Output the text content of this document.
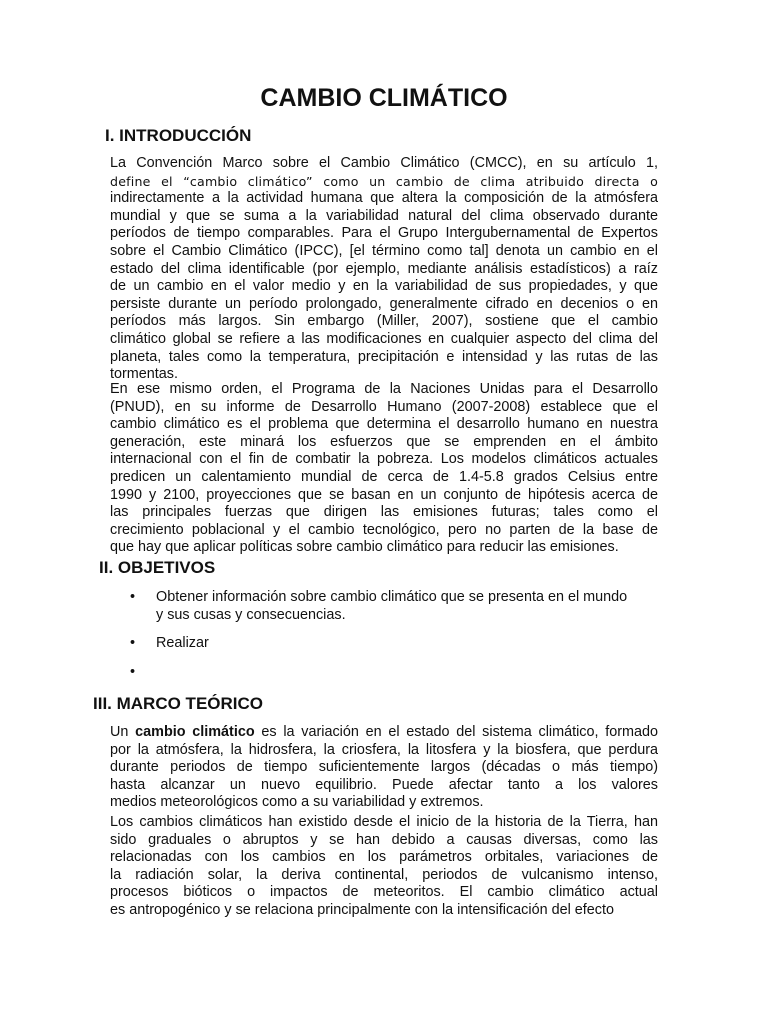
CAMBIO CLIMÁTICO
I. INTRODUCCIÓN
La Convención Marco sobre el Cambio Climático (CMCC), en su artículo 1,
define el “cambio climático” como un cambio de clima atribuido directa o
indirectamente a la actividad humana que altera la composición de la atmósfera
mundial y que se suma a la variabilidad natural del clima observado durante
períodos de tiempo comparables. Para el Grupo Intergubernamental de Expertos
sobre el Cambio Climático (IPCC), [el término como tal] denota un cambio en el
estado del clima identificable (por ejemplo, mediante análisis estadísticos) a raíz
de un cambio en el valor medio y en la variabilidad de sus propiedades, y que
persiste durante un período prolongado, generalmente cifrado en decenios o en
períodos más largos. Sin embargo (Miller, 2007), sostiene que el cambio
climático global se refiere a las modificaciones en cualquier aspecto del clima del
planeta, tales como la temperatura, precipitación e intensidad y las rutas de las
tormentas.
En ese mismo orden, el Programa de la Naciones Unidas para el Desarrollo
(PNUD), en su informe de Desarrollo Humano (2007-2008) establece que el
cambio climático es el problema que determina el desarrollo humano en nuestra
generación, este minará los esfuerzos que se emprenden en el ámbito
internacional con el fin de combatir la pobreza. Los modelos climáticos actuales
predicen un calentamiento mundial de cerca de 1.4-5.8 grados Celsius entre
1990 y 2100, proyecciones que se basan en un conjunto de hipótesis acerca de
las principales fuerzas que dirigen las emisiones futuras; tales como el
crecimiento poblacional y el cambio tecnológico, pero no parten de la base de
que hay que aplicar políticas sobre cambio climático para reducir las emisiones.
II. OBJETIVOS
• Obtener información sobre cambio climático que se presenta en el mundo
y sus cusas y consecuencias.
• Realizar
•

III. MARCO TEÓRICO
Un cambio climático es la variación en el estado del sistema climático, formado
por la atmósfera, la hidrosfera, la criosfera, la litosfera y la biosfera, que perdura
durante periodos de tiempo suficientemente largos (décadas o más tiempo)
hasta alcanzar un nuevo equilibrio. Puede afectar tanto a los valores
medios meteorológicos como a su variabilidad y extremos.
Los cambios climáticos han existido desde el inicio de la historia de la Tierra, han
sido graduales o abruptos y se han debido a causas diversas, como las
relacionadas con los cambios en los parámetros orbitales, variaciones de
la radiación solar, la deriva continental, periodos de vulcanismo intenso,
procesos bióticos o impactos de meteoritos. El cambio climático actual
es antropogénico y se relaciona principalmente con la intensificación del efecto
